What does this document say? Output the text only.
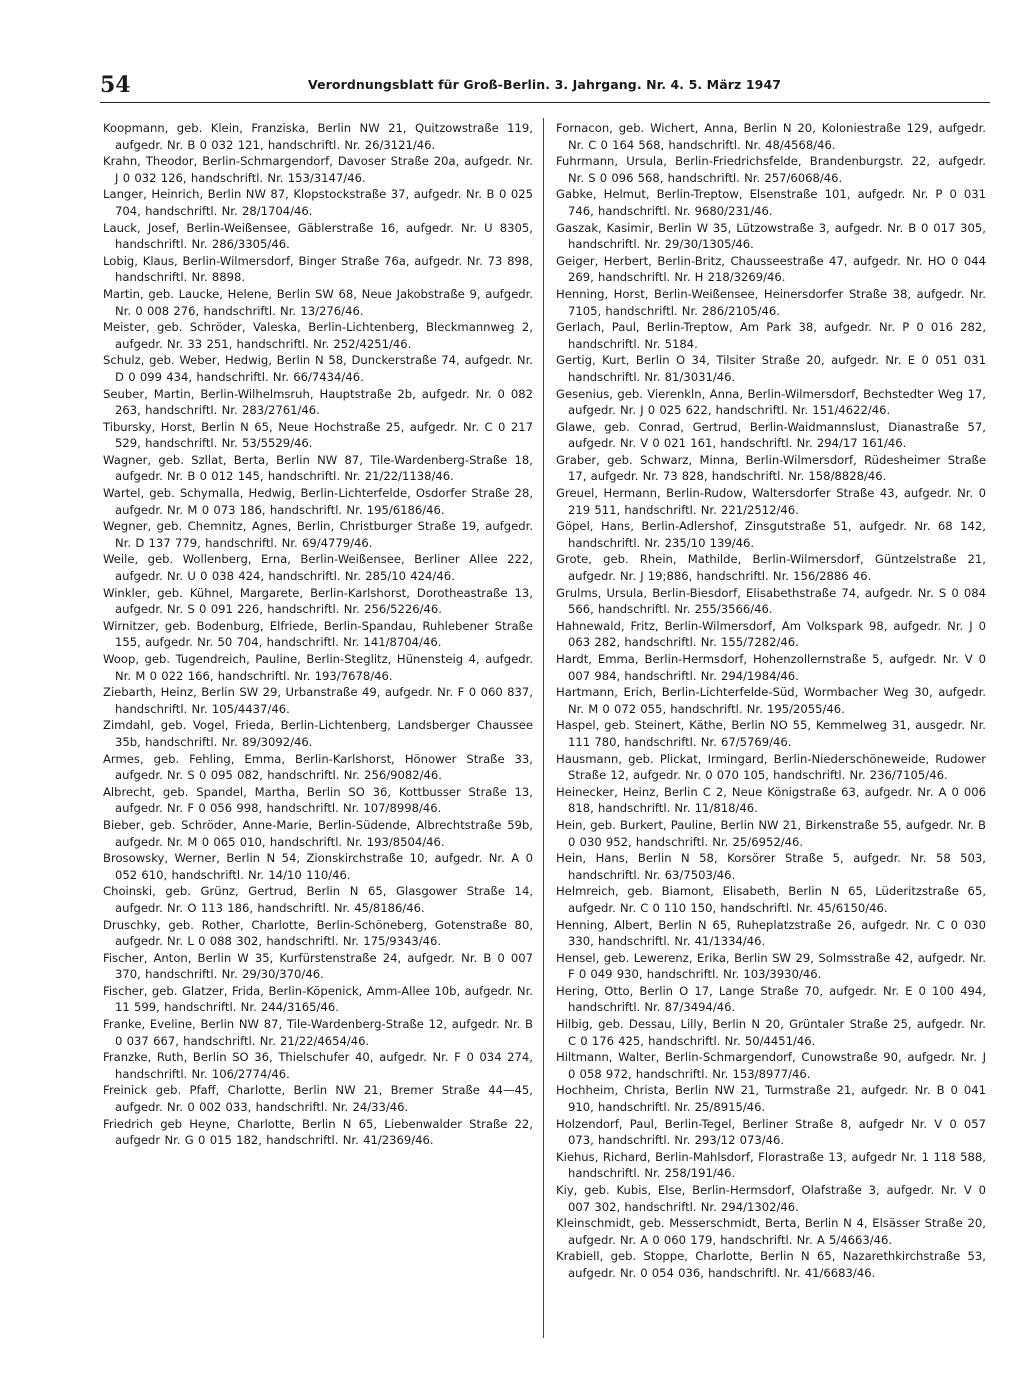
54	Verordnungsblatt für Groß-Berlin. 3. Jahrgang. Nr. 4. 5. März 1947

Koopmann, geb. Klein, Franziska, Berlin NW 21, Quitzowstraße 119, aufgedr. Nr. B 0 032 121, handschriftl. Nr. 26/3121/46.

Krahn, Theodor, Berlin-Schmargendorf, Davoser Straße 20a, aufgedr. Nr. J 0 032 126, handschriftl. Nr. 153/3147/46.

Langer, Heinrich, Berlin NW 87, Klopstockstraße 37, aufgedr. Nr. B 0 025 704, handschriftl. Nr. 28/1704/46.

Lauck, Josef, Berlin-Weißensee, Gäblerstraße 16, aufgedr. Nr. U 8305, handschriftl. Nr. 286/3305/46.

Lobig, Klaus, Berlin-Wilmersdorf, Binger Straße 76a, aufgedr. Nr. 73 898, handschriftl. Nr. 8898.

Martin, geb. Laucke, Helene, Berlin SW 68, Neue Jakobstraße 9, aufgedr. Nr. 0 008 276, handschriftl. Nr. 13/276/46.

Meister, geb. Schröder, Valeska, Berlin-Lichtenberg, Bleckmannweg 2, aufgedr. Nr. 33 251, handschriftl. Nr. 252/4251/46.

Schulz, geb. Weber, Hedwig, Berlin N 58, Dunckerstraße 74, aufgedr. Nr. D 0 099 434, handschriftl. Nr. 66/7434/46.

Seuber, Martin, Berlin-Wilhelmsruh, Hauptstraße 2b, aufgedr. Nr. 0 082 263, handschriftl. Nr. 283/2761/46.

Tibursky, Horst, Berlin N 65, Neue Hochstraße 25, aufgedr. Nr. C 0 217 529, handschriftl. Nr. 53/5529/46.

Wagner, geb. Szllat, Berta, Berlin NW 87, Tile-Wardenberg-Straße 18, aufgedr. Nr. B 0 012 145, handschriftl. Nr. 21/22/1138/46.

Wartel, geb. Schymalla, Hedwig, Berlin-Lichterfelde, Osdorfer Straße 28, aufgedr. Nr. M 0 073 186, handschriftl. Nr. 195/6186/46.

Wegner, geb. Chemnitz, Agnes, Berlin, Christburger Straße 19, aufgedr. Nr. D 137 779, handschriftl. Nr. 69/4779/46.

Weile, geb. Wollenberg, Erna, Berlin-Weißensee, Berliner Allee 222, aufgedr. Nr. U 0 038 424, handschriftl. Nr. 285/10 424/46.

Winkler, geb. Kühnel, Margarete, Berlin-Karlshorst, Dorotheastraße 13, aufgedr. Nr. S 0 091 226, handschriftl. Nr. 256/5226/46.

Wirnitzer, geb. Bodenburg, Elfriede, Berlin-Spandau, Ruhlebener Straße 155, aufgedr. Nr. 50 704, handschriftl. Nr. 141/8704/46.

Woop, geb. Tugendreich, Pauline, Berlin-Steglitz, Hünensteig 4, aufgedr. Nr. M 0 022 166, handschriftl. Nr. 193/7678/46.

Ziebarth, Heinz, Berlin SW 29, Urbanstraße 49, aufgedr. Nr. F 0 060 837, handschriftl. Nr. 105/4437/46.

Zimdahl, geb. Vogel, Frieda, Berlin-Lichtenberg, Landsberger Chaussee 35b, handschriftl. Nr. 89/3092/46.

Armes, geb. Fehling, Emma, Berlin-Karlshorst, Hönower Straße 33, aufgedr. Nr. S 0 095 082, handschriftl. Nr. 256/9082/46.

Albrecht, geb. Spandel, Martha, Berlin SO 36, Kottbusser Straße 13, aufgedr. Nr. F 0 056 998, handschriftl. Nr. 107/8998/46.

Bieber, geb. Schröder, Anne-Marie, Berlin-Südende, Albrechtstraße 59b, aufgedr. Nr. M 0 065 010, handschriftl. Nr. 193/8504/46.

Brosowsky, Werner, Berlin N 54, Zionskirchstraße 10, aufgedr. Nr. A 0 052 610, handschriftl. Nr. 14/10 110/46.

Choinski, geb. Grünz, Gertrud, Berlin N 65, Glasgower Straße 14, aufgedr. Nr. O 113 186, handschriftl. Nr. 45/8186/46.

Druschky, geb. Rother, Charlotte, Berlin-Schöneberg, Gotenstraße 80, aufgedr. Nr. L 0 088 302, handschriftl. Nr. 175/9343/46.

Fischer, Anton, Berlin W 35, Kurfürstenstraße 24, aufgedr. Nr. B 0 007 370, handschriftl. Nr. 29/30/370/46.

Fischer, geb. Glatzer, Frida, Berlin-Köpenick, Amm-Allee 10b, aufgedr. Nr. 11 599, handschriftl. Nr. 244/3165/46.

Franke, Eveline, Berlin NW 87, Tile-Wardenberg-Straße 12, aufgedr. Nr. B 0 037 667, handschriftl. Nr. 21/22/4654/46.

Franzke, Ruth, Berlin SO 36, Thielschufer 40, aufgedr. Nr. F 0 034 274, handschriftl. Nr. 106/2774/46.

Freinick geb. Pfaff, Charlotte, Berlin NW 21, Bremer Straße 44—45, aufgedr. Nr. 0 002 033, handschriftl. Nr. 24/33/46.

Friedrich geb Heyne, Charlotte, Berlin N 65, Liebenwalder Straße 22, aufgedr Nr. G 0 015 182, handschriftl. Nr. 41/2369/46.

Fornacon, geb. Wichert, Anna, Berlin N 20, Koloniestraße 129, aufgedr. Nr. C 0 164 568, handschriftl. Nr. 48/4568/46.

Fuhrmann, Ursula, Berlin-Friedrichsfelde, Brandenburgstr. 22, aufgedr. Nr. S 0 096 568, handschriftl. Nr. 257/6068/46.

Gabke, Helmut, Berlin-Treptow, Elsenstraße 101, aufgedr. Nr. P 0 031 746, handschriftl. Nr. 9680/231/46.

Gaszak, Kasimir, Berlin W 35, Lützowstraße 3, aufgedr. Nr. B 0 017 305, handschriftl. Nr. 29/30/1305/46.

Geiger, Herbert, Berlin-Britz, Chausseestraße 47, aufgedr. Nr. HO 0 044 269, handschriftl. Nr. H 218/3269/46.

Henning, Horst, Berlin-Weißensee, Heinersdorfer Straße 38, aufgedr. Nr. 7105, handschriftl. Nr. 286/2105/46.

Gerlach, Paul, Berlin-Treptow, Am Park 38, aufgedr. Nr. P 0 016 282, handschriftl. Nr. 5184.

Gertig, Kurt, Berlin O 34, Tilsiter Straße 20, aufgedr. Nr. E 0 051 031 handschriftl. Nr. 81/3031/46.

Gesenius, geb. Vierenkln, Anna, Berlin-Wilmersdorf, Bechstedter Weg 17, aufgedr. Nr. J 0 025 622, handschriftl. Nr. 151/4622/46.

Glawe, geb. Conrad, Gertrud, Berlin-Waidmannslust, Dianastraße 57, aufgedr. Nr. V 0 021 161, handschriftl. Nr. 294/17 161/46.

Graber, geb. Schwarz, Minna, Berlin-Wilmersdorf, Rüdesheimer Straße 17, aufgedr. Nr. 73 828, handschriftl. Nr. 158/8828/46.

Greuel, Hermann, Berlin-Rudow, Waltersdorfer Straße 43, aufgedr. Nr. 0 219 511, handschriftl. Nr. 221/2512/46.

Göpel, Hans, Berlin-Adlershof, Zinsgutstraße 51, aufgedr. Nr. 68 142, handschriftl. Nr. 235/10 139/46.

Grote, geb. Rhein, Mathilde, Berlin-Wilmersdorf, Güntzelstraße 21, aufgedr. Nr. J 19;886, handschriftl. Nr. 156/2886 46.

Grulms, Ursula, Berlin-Biesdorf, Elisabethstraße 74, aufgedr. Nr. S 0 084 566, handschriftl. Nr. 255/3566/46.

Hahnewald, Fritz, Berlin-Wilmersdorf, Am Volkspark 98, aufgedr. Nr. J 0 063 282, handschriftl. Nr. 155/7282/46.

Hardt, Emma, Berlin-Hermsdorf, Hohenzollernstraße 5, aufgedr. Nr. V 0 007 984, handschriftl. Nr. 294/1984/46.

Hartmann, Erich, Berlin-Lichterfelde-Süd, Wormbacher Weg 30, aufgedr. Nr. M 0 072 055, handschriftl. Nr. 195/2055/46.

Haspel, geb. Steinert, Käthe, Berlin NO 55, Kemmelweg 31, ausgedr. Nr. 111 780, handschriftl. Nr. 67/5769/46.

Hausmann, geb. Plickat, Irmingard, Berlin-Niederschöneweide, Rudower Straße 12, aufgedr. Nr. 0 070 105, handschriftl. Nr. 236/7105/46.

Heinecker, Heinz, Berlin C 2, Neue Königstraße 63, aufgedr. Nr. A 0 006 818, handschriftl. Nr. 11/818/46.

Hein, geb. Burkert, Pauline, Berlin NW 21, Birkenstraße 55, aufgedr. Nr. B 0 030 952, handschriftl. Nr. 25/6952/46.

Hein, Hans, Berlin N 58, Korsörer Straße 5, aufgedr. Nr. 58 503, handschriftl. Nr. 63/7503/46.

Helmreich, geb. Biamont, Elisabeth, Berlin N 65, Lüderitzstraße 65, aufgedr. Nr. C 0 110 150, handschriftl. Nr. 45/6150/46.

Henning, Albert, Berlin N 65, Ruheplatzstraße 26, aufgedr. Nr. C 0 030 330, handschriftl. Nr. 41/1334/46.

Hensel, geb. Lewerenz, Erika, Berlin SW 29, Solmsstraße 42, aufgedr. Nr. F 0 049 930, handschriftl. Nr. 103/3930/46.

Hering, Otto, Berlin O 17, Lange Straße 70, aufgedr. Nr. E 0 100 494, handschriftl. Nr. 87/3494/46.

Hilbig, geb. Dessau, Lilly, Berlin N 20, Grüntaler Straße 25, aufgedr. Nr. C 0 176 425, handschriftl. Nr. 50/4451/46.

Hiltmann, Walter, Berlin-Schmargendorf, Cunowstraße 90, aufgedr. Nr. J 0 058 972, handschriftl. Nr. 153/8977/46.

Hochheim, Christa, Berlin NW 21, Turmstraße 21, aufgedr. Nr. B 0 041 910, handschriftl. Nr. 25/8915/46.

Holzendorf, Paul, Berlin-Tegel, Berliner Straße 8, aufgedr Nr. V 0 057 073, handschriftl. Nr. 293/12 073/46.

Kiehus, Richard, Berlin-Mahlsdorf, Florastraße 13, aufgedr Nr. 1 118 588, handschriftl. Nr. 258/191/46.

Kiy, geb. Kubis, Else, Berlin-Hermsdorf, Olafstraße 3, aufgedr. Nr. V 0 007 302, handschriftl. Nr. 294/1302/46.

Kleinschmidt, geb. Messerschmidt, Berta, Berlin N 4, Elsässer Straße 20, aufgedr. Nr. A 0 060 179, handschriftl. Nr. A 5/4663/46.

Krabiell, geb. Stoppe, Charlotte, Berlin N 65, Nazarethkirchstraße 53, aufgedr. Nr. 0 054 036, handschriftl. Nr. 41/6683/46.
